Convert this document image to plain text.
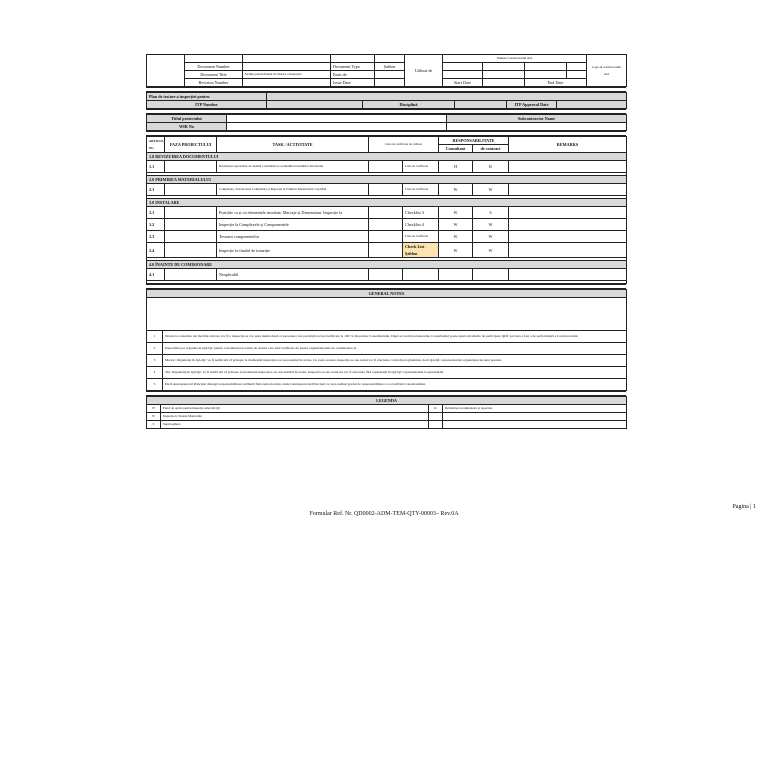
					Utilizat de	Numele Contractorului Aici				Logo-ul contractorului Aici
	Document Number		Document Type	Șablon						
	Document Title	Ședința pentru Planul de Testare a Inspecției	Emis de							
	Revision Number		Issue Date			Start Date		End Date		
Plan de testare a inspecției pentru					
ITP Number		Disciplină		ITP Approval Date	
Titlul proiectului		Subcontractor Name
WIR No		
ARTICOL NU.	FAZA PROIECTULUI	TASK / ACTIVITATE	Lista de verificare de calitate		RESPONSABILITATE		REMARKS
					Consultant	de contract	
1.0 REVIZUIREA DOCUMENTULUI							
1.1		Revizuirea rapoartelor de analiză a mediului și a remediilor biotehnice din detaliu		Lista de verificare	H	R	

2.0 PRIMIREA MATERIALULUI							
2.1		Completare, Selecționare Completare și Inspecție la Primirea Materialelor Cap Mail		Lista de verificare	W	W	

3.0 INSTALARE							
3.1		Pozițiile ca și cu elementele instalate, Marcaje și Dimensiuni. Inspecție la		Checklist 3	W	S	
3.2		Inspecție la Complexele și Componentele		Checklist 4	W	W	
3.3		Testarea componentelor		Lista de verificare	W	W	
3.4		Inspecție la finalul de tranziție		Check List Șablon	W	W	

4.0 ÎNAINTE DE COMISIONARE							
4.1		Neaplicabil					

GENERAL NOTES	

1	Notele lor rezultate ale fiecărui articole vor fi o inspecție se vor testa numai după ce persoane care participă au fost notificate la 100 % din partea Consultantului. După accordul partenerului, Consultantul poate ajusta nivelurile de participare QDC pe baza a fost a de performanță a Contractorului.
2	Inspecțiile pot organiza în QA/QC pentru a monitoriza locurile de dosare care sunt verificate de partea organizaționale de comisionare și.
3	Martor: Organizați în QA/QC va fi notificată că privește la momentul inspecției, iar sau testului în avans. Cu toate acestea, inspecție se sau testul vor fi efectuate conform programului, dacă QA/QC reprezentantul organizației nu sunt prezent.
4	Țin: Organizați în QA/QC va fi notificată că privește la momentul inspecției, iar sau testului în avans. Inspecția se sau testul nu vor fi efectuate fără organizații în QA/QC reprezentantul la prezență &.
5	Dacă Antreprenorul Principal deleagă responsabilitatea atribuită Subcontractorului, atunci Antreprenorul Principal va avea audiați gradul de responsabilitate ca cel atribuit Consultantului.
LEGENDA			
H	Punct de oprire pentru inspecție selectată QC	R	Revizuirea documentelor și raportare
W	Inspecție la Testele Martorului		
S	Supraveghere		
Formular Ref. Nr. QD0002-ADM-TEM-QTY-00003– Rev.0A
Pagina | 1
